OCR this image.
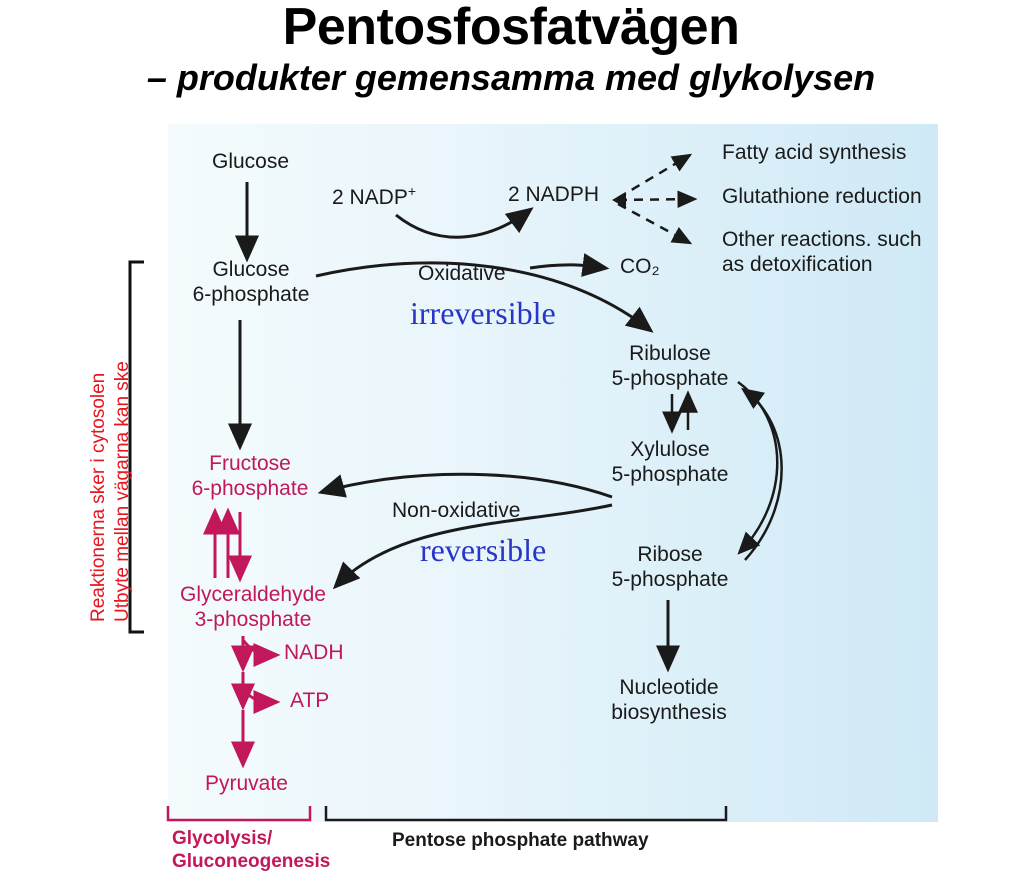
Pentosfosfatvägen
– produkter gemensamma med glykolysen
Glucose
Glucose
6-phosphate
2 NADP+	2 NADPH
CO₂
Fatty acid synthesis
Glutathione reduction
Other reactions. such
as detoxification
Oxidative
irreversible
Ribulose
5-phosphate
Xylulose
5-phosphate
Ribose
5-phosphate
Nucleotide
biosynthesis
Non-oxidative
reversible
Fructose
6-phosphate
Glyceraldehyde
3-phosphate
NADH
ATP
Pyruvate
Reaktionerna sker i cytosolen Utbyte mellan vägarna kan ske
Glycolysis/
Gluconeogenesis
Pentose phosphate pathway
